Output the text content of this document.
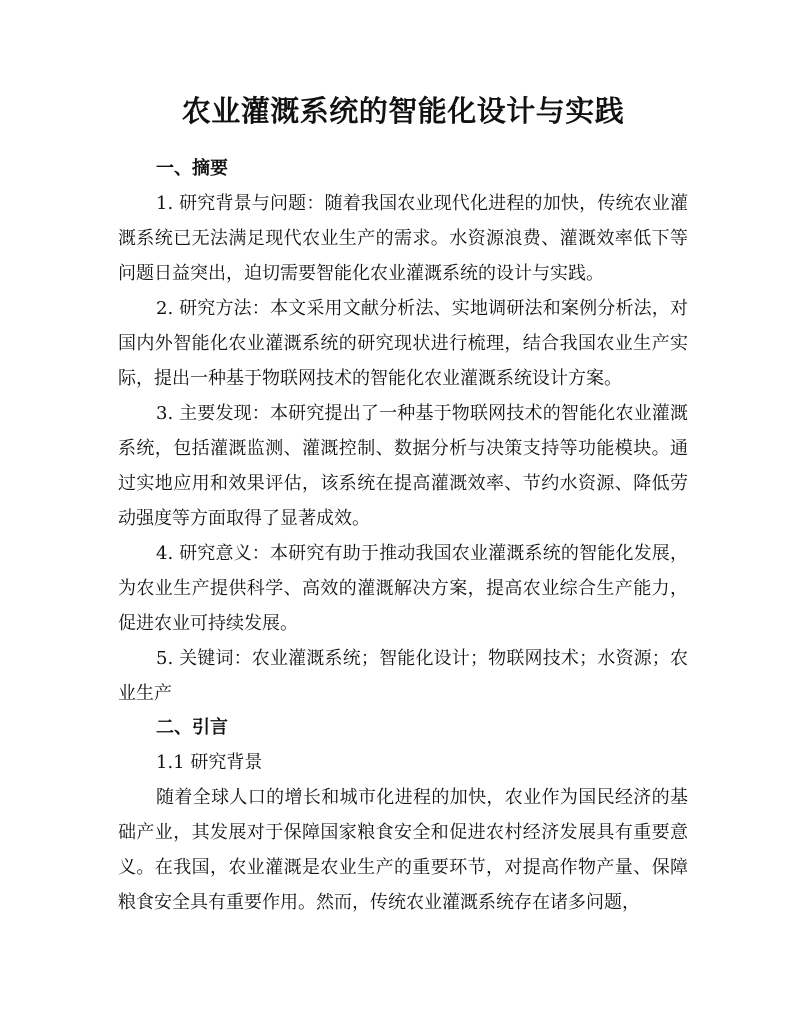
农业灌溉系统的智能化设计与实践
一、摘要

1. 研究背景与问题：随着我国农业现代化进程的加快，传统农业灌溉系统已无法满足现代农业生产的需求。水资源浪费、灌溉效率低下等问题日益突出，迫切需要智能化农业灌溉系统的设计与实践。

2. 研究方法：本文采用文献分析法、实地调研法和案例分析法，对国内外智能化农业灌溉系统的研究现状进行梳理，结合我国农业生产实际，提出一种基于物联网技术的智能化农业灌溉系统设计方案。

3. 主要发现：本研究提出了一种基于物联网技术的智能化农业灌溉系统，包括灌溉监测、灌溉控制、数据分析与决策支持等功能模块。通过实地应用和效果评估，该系统在提高灌溉效率、节约水资源、降低劳动强度等方面取得了显著成效。

4. 研究意义：本研究有助于推动我国农业灌溉系统的智能化发展，为农业生产提供科学、高效的灌溉解决方案，提高农业综合生产能力，促进农业可持续发展。

5. 关键词：农业灌溉系统；智能化设计；物联网技术；水资源；农业生产

二、引言

1.1 研究背景

随着全球人口的增长和城市化进程的加快，农业作为国民经济的基础产业，其发展对于保障国家粮食安全和促进农村经济发展具有重要意义。在我国，农业灌溉是农业生产的重要环节，对提高作物产量、保障粮食安全具有重要作用。然而，传统农业灌溉系统存在诸多问题，
